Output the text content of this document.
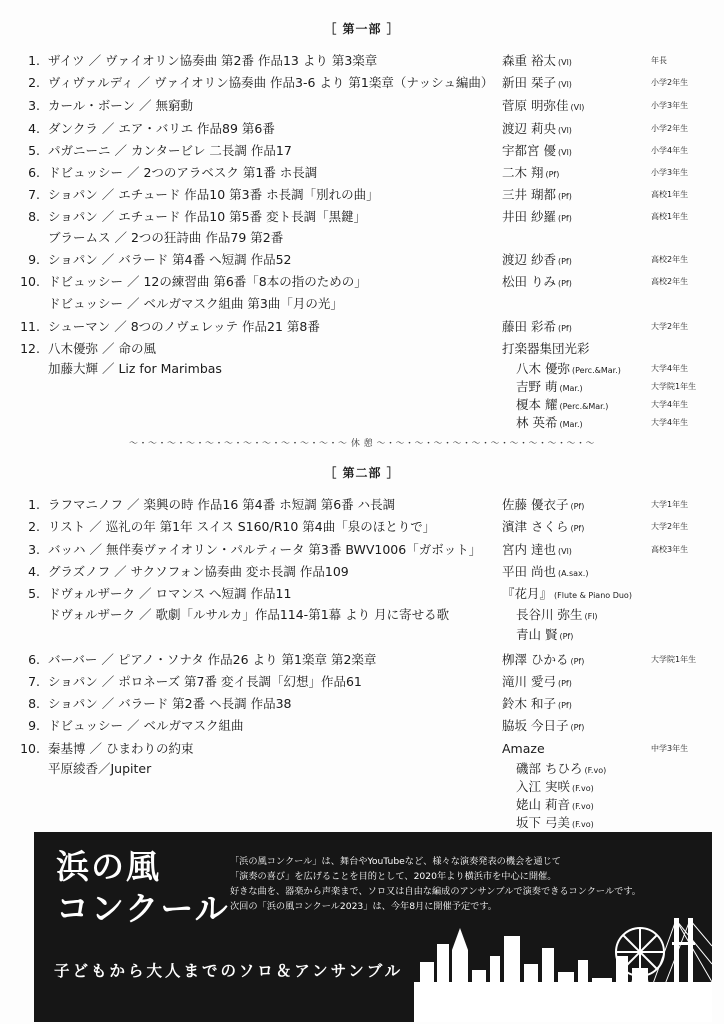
［ 第一部 ］
1. ザイツ ／ ヴァイオリン協奏曲 第2番 作品13 より 第3楽章	森重 裕太 (Vl)	年長
2. ヴィヴァルディ ／ ヴァイオリン協奏曲 作品3-6 より 第1楽章（ナッシュ編曲） 新田 栞子 (Vl)	小学2年生
3. カール・ボーン ／ 無窮動	菅原 明弥佳 (Vl)	小学3年生
4. ダンクラ ／ エア・バリエ 作品89 第6番	渡辺 莉央 (Vl)	小学2年生
5. パガニーニ ／ カンタービレ 二長調 作品17	宇都宮 優 (Vl)	小学4年生
6. ドビュッシー ／ 2つのアラベスク 第1番 ホ長調	二木 翔 (Pf)	小学3年生
7. ショパン ／ エチュード 作品10 第3番 ホ長調「別れの曲」	三井 瑚都 (Pf)	高校1年生
8. ショパン ／ エチュード 作品10 第5番 変ト長調「黒鍵」	井田 紗羅 (Pf)	高校1年生
ブラームス ／ 2つの狂詩曲 作品79 第2番
9. ショパン ／ バラード 第4番 へ短調 作品52	渡辺 紗香 (Pf)	高校2年生
10. ドビュッシー ／ 12の練習曲 第6番「8本の指のための」	松田 りみ (Pf)	高校2年生
ドビュッシー ／ ベルガマスク組曲 第3曲「月の光」
11. シューマン ／ 8つのノヴェレッテ 作品21 第8番	藤田 彩希 (Pf)	大学2年生
12. 八木優弥 ／ 命の風	打楽器集団光彩
加藤大輝 ／ Liz for Marimbas	八木 優弥 (Perc.&Mar.)	大学4年生
吉野 萌 (Mar.)	大学院1年生
榎本 耀 (Perc.&Mar.)	大学4年生
林 英希 (Mar.)	大学4年生
～・～・～・～・～・～・～・～・～・～・～・～ 休 憩 ～・～・～・～・～・～・～・～・～・～・～・～
［ 第二部 ］
1. ラフマニノフ ／ 楽興の時 作品16 第4番 ホ短調 第6番 ハ長調	佐藤 優衣子 (Pf)	大学1年生
2. リスト ／ 巡礼の年 第1年 スイス S160/R10 第4曲「泉のほとりで」	濱津 さくら (Pf)	大学2年生
3. バッハ ／ 無伴奏ヴァイオリン・パルティータ 第3番 BWV1006「ガボット」 宮内 達也 (Vl)	高校3年生
4. グラズノフ ／ サクソフォン協奏曲 変ホ長調 作品109	平田 尚也 (A.sax.)
5. ドヴォルザーク ／ ロマンス へ短調 作品11	『花月』 (Flute & Piano Duo)
ドヴォルザーク ／ 歌劇「ルサルカ」作品114-第1幕 より 月に寄せる歌	長谷川 弥生 (Fl)
青山 賢 (Pf)
6. バーバー ／ ピアノ・ソナタ 作品26 より 第1楽章 第2楽章	栁澤 ひかる (Pf)	大学院1年生
7. ショパン ／ ポロネーズ 第7番 変イ長調「幻想」作品61	滝川 愛弓 (Pf)
8. ショパン ／ バラード 第2番 ヘ長調 作品38	鈴木 和子 (Pf)
9. ドビュッシー ／ ベルガマスク組曲	脇坂 今日子 (Pf)
10. 秦基博 ／ ひまわりの約束	Amaze	中学3年生
平原綾香／Jupiter	磯部 ちひろ (F.vo)
入江 実咲 (F.vo)
姥山 莉音 (F.vo)
坂下 弓美 (F.vo)
浜の風
コンクール
子どもから大人までのソロ＆アンサンブル
「浜の風コンクール」は、舞台やYouTubeなど、様々な演奏発表の機会を通じて
「演奏の喜び」を広げることを目的として、2020年より横浜市を中心に開催。
好きな曲を、器楽から声楽まで、ソロ又は自由な編成のアンサンブルで演奏できるコンクールです。
次回の「浜の風コンクール2023」は、今年8月に開催予定です。
